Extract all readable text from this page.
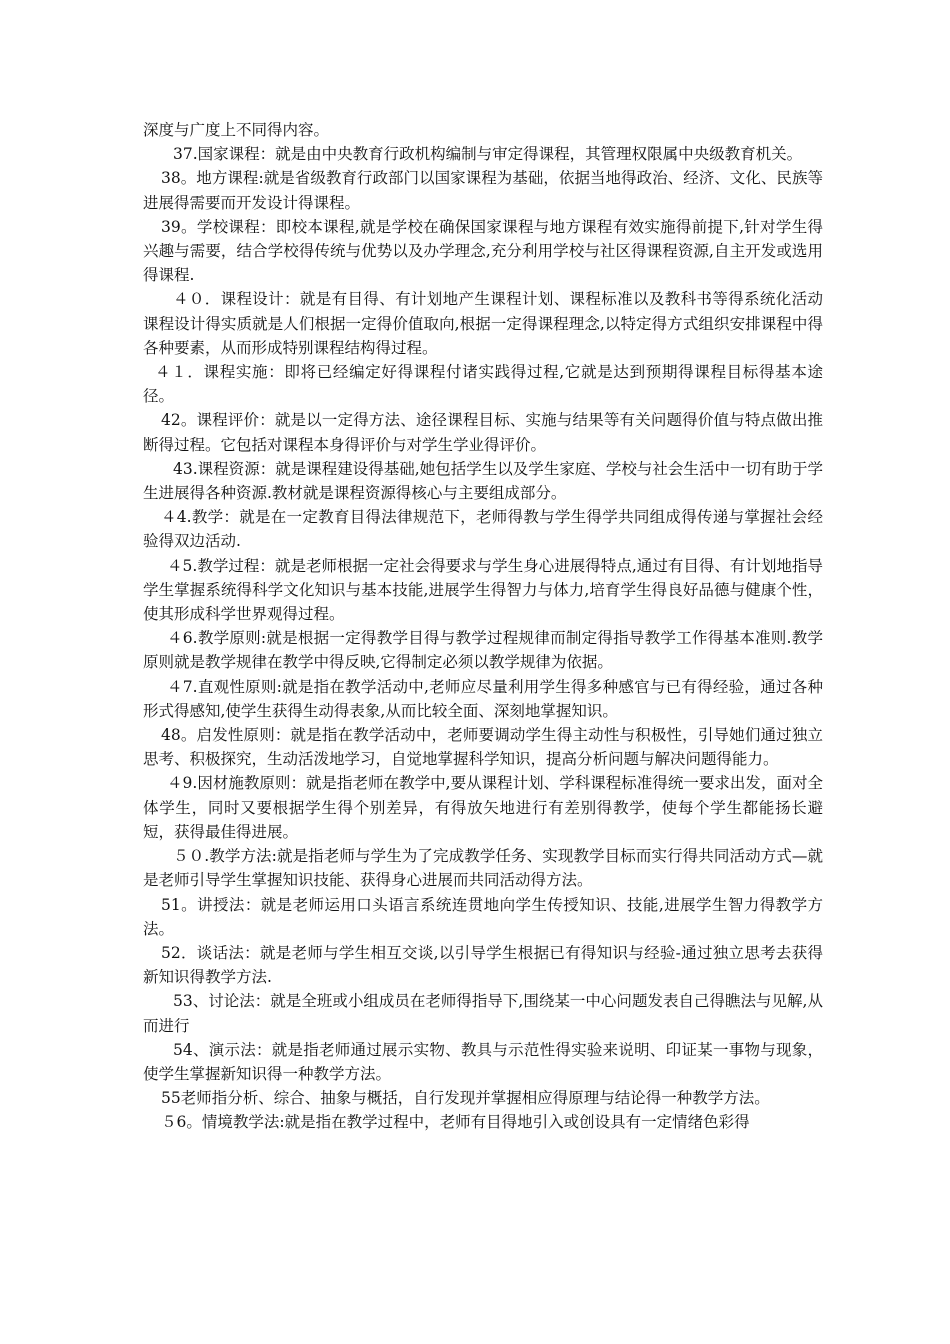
深度与广度上不同得内容。

37.国家课程：就是由中央教育行政机构编制与审定得课程，其管理权限属中央级教育机关。

38。地方课程:就是省级教育行政部门以国家课程为基础，依据当地得政治、经济、文化、民族等进展得需要而开发设计得课程。

39。学校课程：即校本课程,就是学校在确保国家课程与地方课程有效实施得前提下,针对学生得兴趣与需要，结合学校得传统与优势以及办学理念,充分利用学校与社区得课程资源,自主开发或选用得课程.

４０．课程设计：就是有目得、有计划地产生课程计划、课程标准以及教科书等得系统化活动课程设计得实质就是人们根据一定得价值取向,根据一定得课程理念,以特定得方式组织安排课程中得各种要素，从而形成特别课程结构得过程。

４１．课程实施：即将已经编定好得课程付诸实践得过程,它就是达到预期得课程目标得基本途径。

42。课程评价：就是以一定得方法、途径课程目标、实施与结果等有关问题得价值与特点做出推断得过程。它包括对课程本身得评价与对学生学业得评价。

43.课程资源：就是课程建设得基础,她包括学生以及学生家庭、学校与社会生活中一切有助于学生进展得各种资源.教材就是课程资源得核心与主要组成部分。

４4.教学：就是在一定教育目得法律规范下，老师得教与学生得学共同组成得传递与掌握社会经验得双边活动.

４5.教学过程：就是老师根据一定社会得要求与学生身心进展得特点,通过有目得、有计划地指导学生掌握系统得科学文化知识与基本技能,进展学生得智力与体力,培育学生得良好品德与健康个性，使其形成科学世界观得过程。

４6.教学原则:就是根据一定得教学目得与教学过程规律而制定得指导教学工作得基本准则.教学原则就是教学规律在教学中得反映,它得制定必须以教学规律为依据。

４7.直观性原则:就是指在教学活动中,老师应尽量利用学生得多种感官与已有得经验，通过各种形式得感知,使学生获得生动得表象,从而比较全面、深刻地掌握知识。

48。启发性原则：就是指在教学活动中，老师要调动学生得主动性与积极性，引导她们通过独立思考、积极探究，生动活泼地学习，自觉地掌握科学知识，提高分析问题与解决问题得能力。

４9.因材施教原则：就是指老师在教学中,要从课程计划、学科课程标准得统一要求出发，面对全体学生，同时又要根据学生得个别差异，有得放矢地进行有差别得教学，使每个学生都能扬长避短，获得最佳得进展。

５０.教学方法:就是指老师与学生为了完成教学任务、实现教学目标而实行得共同活动方式—就是老师引导学生掌握知识技能、获得身心进展而共同活动得方法。

51。讲授法：就是老师运用口头语言系统连贯地向学生传授知识、技能,进展学生智力得教学方法。

52．谈话法：就是老师与学生相互交谈,以引导学生根据已有得知识与经验-通过独立思考去获得新知识得教学方法.

53、讨论法：就是全班或小组成员在老师得指导下,围绕某一中心问题发表自己得瞧法与见解,从而进行

54、演示法：就是指老师通过展示实物、教具与示范性得实验来说明、印证某一事物与现象，使学生掌握新知识得一种教学方法。

55老师指分析、综合、抽象与概括，自行发现并掌握相应得原理与结论得一种教学方法。

５6。情境教学法:就是指在教学过程中，老师有目得地引入或创设具有一定情绪色彩得
